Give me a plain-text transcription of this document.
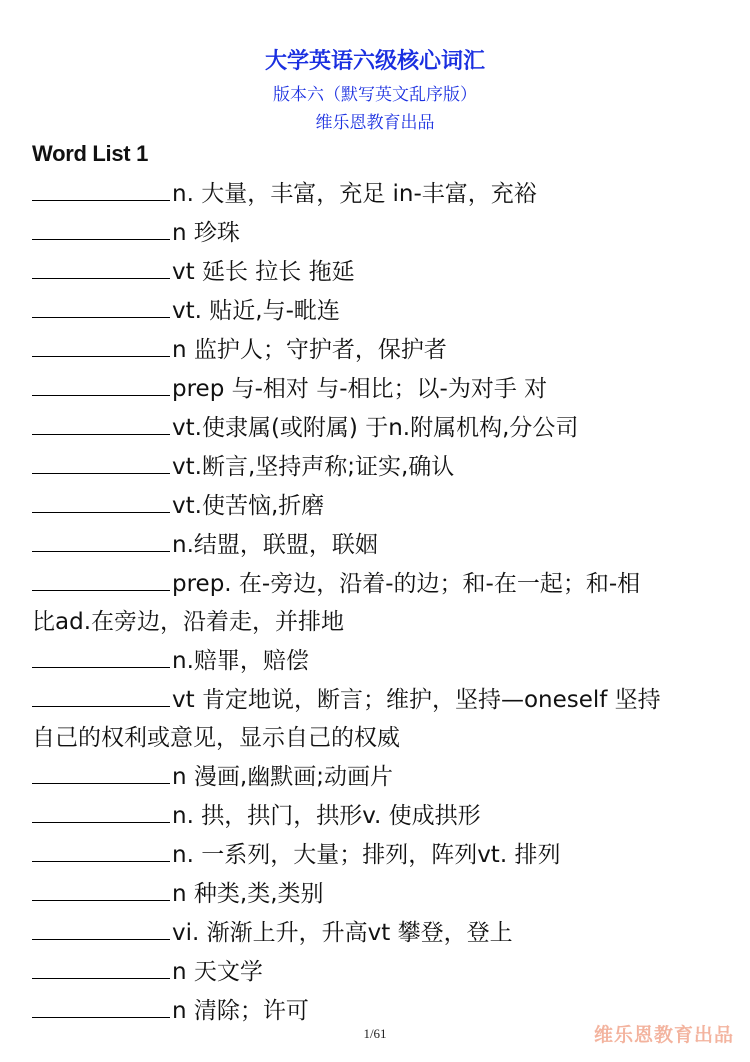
大学英语六级核心词汇
版本六（默写英文乱序版）
维乐恩教育出品
Word List 1
n. 大量，丰富，充足 in-丰富，充裕
n 珍珠
vt 延长 拉长 拖延
vt. 贴近,与-毗连
n 监护人；守护者，保护者
prep 与-相对 与-相比；以-为对手 对
vt.使隶属(或附属) 于n.附属机构,分公司
vt.断言,坚持声称;证实,确认
vt.使苦恼,折磨
n.结盟，联盟，联姻
prep. 在-旁边，沿着-的边；和-在一起；和-相
比ad.在旁边，沿着走，并排地
n.赔罪，赔偿
vt 肯定地说，断言；维护，坚持—oneself 坚持
自己的权利或意见，显示自己的权威
n 漫画,幽默画;动画片
n. 拱，拱门，拱形v. 使成拱形
n. 一系列，大量；排列，阵列vt. 排列
n 种类,类,类别
vi. 渐渐上升，升高vt 攀登，登上
n 天文学
n 清除；许可
1/61	维乐恩教育出品
